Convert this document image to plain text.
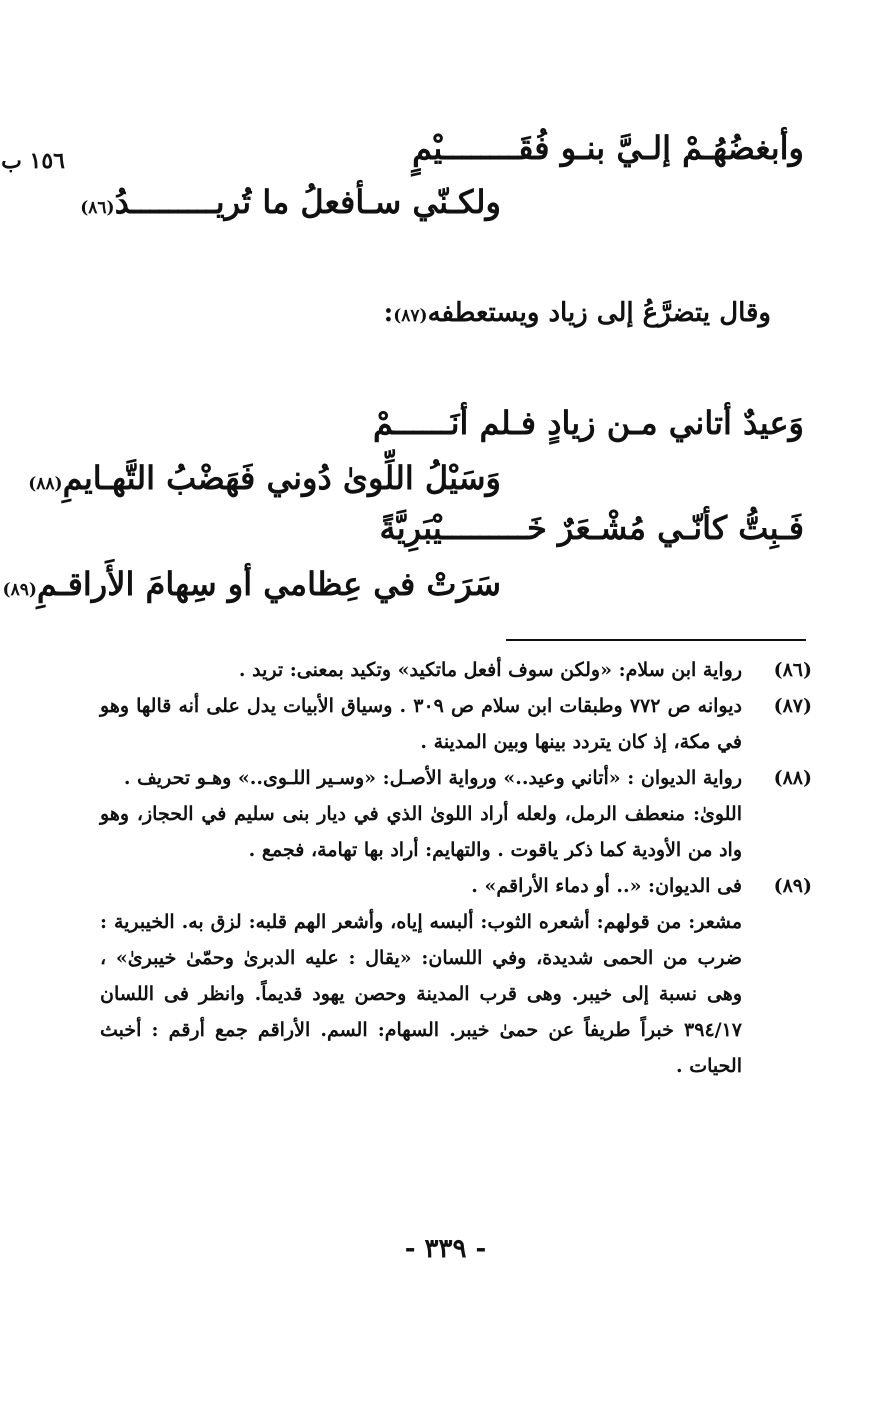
١٥٦ ب	وأبغضُهُـمْ إلـيَّ بنـو فُقَــــــــيْمٍ
ولكـنّي سـأفعلُ ما تُريـــــــــدُ(٨٦)
وقال يتضرَّعُ إلى زياد ويستعطفه(٨٧):
وَعيدٌ أتاني مـن زيادٍ فـلم أنَــــــمْ
وَسَيْلُ اللِّوىٰ دُوني فَهَضْبُ التَّهـايمِ(٨٨)
فَـبِتُّ كأنّـي مُشْـعَرٌ خَـــــــــيْبَرِيَّةً
سَرَتْ في عِظامي أو سِهامَ الأَراقـمِ(٨٩)
(٨٦)
رواية ابن سلام: «ولكن سوف أفعل ماتكيد» وتكيد بمعنى: تريد .
(٨٧)
ديوانه ص ٧٧٢ وطبقات ابن سلام ص ٣٠٩ . وسياق الأبيات يدل على أنه قالها وهو في مكة، إذ كان يتردد بينها وبين المدينة .
(٨٨)
رواية الديوان : «أتاني وعيد..» ورواية الأصـل: «وسـير اللـوى..» وهـو تحريف .
اللوىٰ: منعطف الرمل، ولعله أراد اللوىٰ الذي في ديار بنى سليم في الحجاز، وهو واد من الأودية كما ذكر ياقوت . والتهايم: أراد بها تهامة، فجمع .
(٨٩)
فى الديوان: «.. أو دماء الأراقم» .
مشعر: من قولهم: أشعره الثوب: ألبسه إياه، وأشعر الهم قلبه: لزق به. الخيبرية : ضرب من الحمى شديدة، وفي اللسان: «يقال : عليه الدبرىٰ وحمّىٰ خيبرىٰ» ، وهى نسبة إلى خيبر. وهى قرب المدينة وحصن يهود قديماً. وانظر فى اللسان ٣٩٤/١٧ خبراً طريفاً عن حمىٰ خيبر. السهام: السم. الأراقم جمع أرقم : أخبث الحيات .
- ٣٣٩ -
